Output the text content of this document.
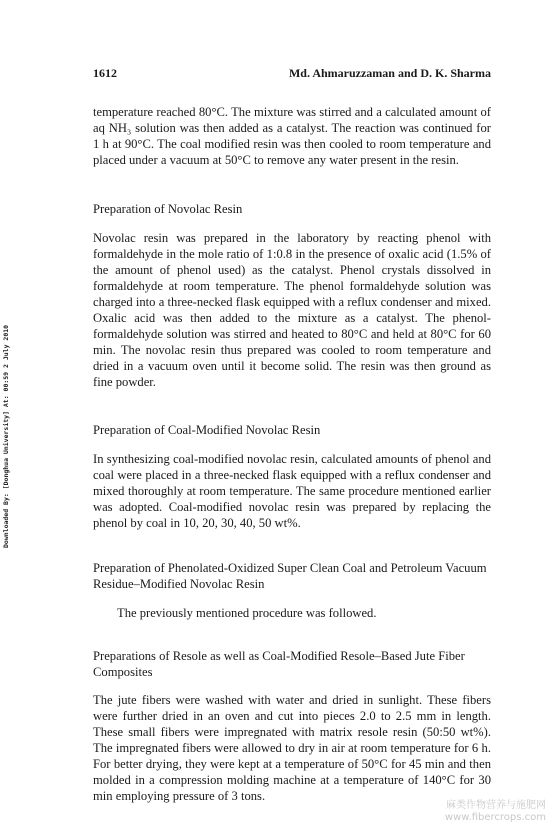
1612	Md. Ahmaruzzaman and D. K. Sharma
Downloaded By: [Donghua University] At: 00:59 2 July 2010

temperature reached 80°C. The mixture was stirred and a calculated amount of aq NH₃ solution was then added as a catalyst. The reaction was continued for 1 h at 90°C. The coal modified resin was then cooled to room temperature and placed under a vacuum at 50°C to remove any water present in the resin.

Preparation of Novolac Resin

Novolac resin was prepared in the laboratory by reacting phenol with formaldehyde in the mole ratio of 1:0.8 in the presence of oxalic acid (1.5% of the amount of phenol used) as the catalyst. Phenol crystals dissolved in formaldehyde at room temperature. The phenol formaldehyde solution was charged into a three-necked flask equipped with a reflux condenser and mixed. Oxalic acid was then added to the mixture as a catalyst. The phenol-formaldehyde solution was stirred and heated to 80°C and held at 80°C for 60 min. The novolac resin thus prepared was cooled to room temperature and dried in a vacuum oven until it become solid. The resin was then ground as fine powder.

Preparation of Coal-Modified Novolac Resin

In synthesizing coal-modified novolac resin, calculated amounts of phenol and coal were placed in a three-necked flask equipped with a reflux condenser and mixed thoroughly at room temperature. The same procedure mentioned earlier was adopted. Coal-modified novolac resin was prepared by replacing the phenol by coal in 10, 20, 30, 40, 50 wt%.

Preparation of Phenolated-Oxidized Super Clean Coal and Petroleum Vacuum Residue–Modified Novolac Resin

The previously mentioned procedure was followed.

Preparations of Resole as well as Coal-Modified Resole–Based Jute Fiber Composites

The jute fibers were washed with water and dried in sunlight. These fibers were further dried in an oven and cut into pieces 2.0 to 2.5 mm in length. These small fibers were impregnated with matrix resole resin (50:50 wt%). The impregnated fibers were allowed to dry in air at room temperature for 6 h. For better drying, they were kept at a temperature of 50°C for 45 min and then molded in a compression molding machine at a temperature of 140°C for 30 min employing pressure of 3 tons.

麻类作物营养与施肥网
www.fibercrops.com
